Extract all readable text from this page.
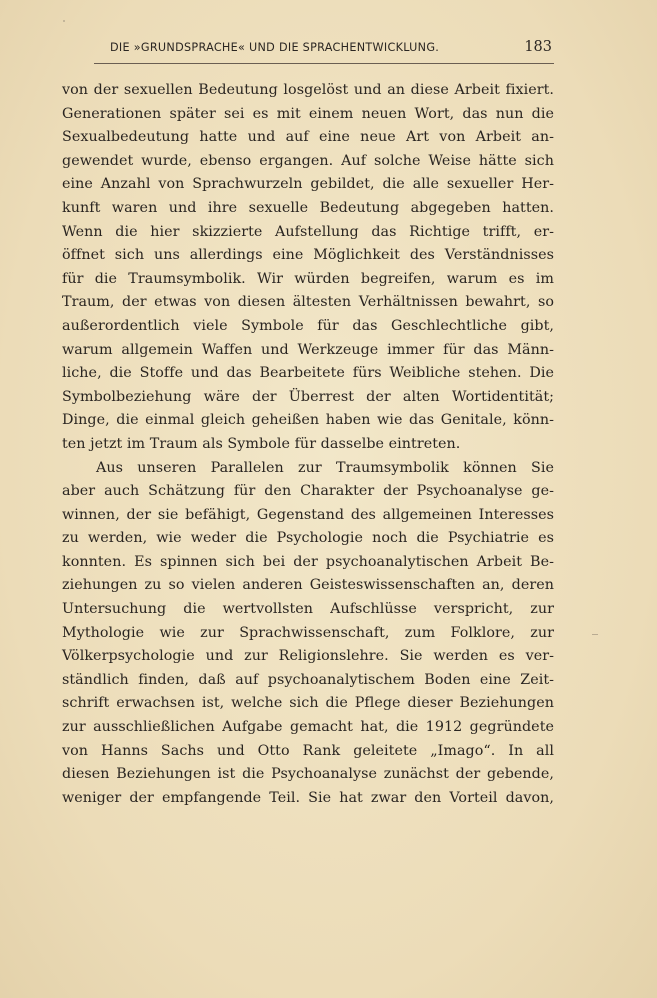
DIE »GRUNDSPRACHE« UND DIE SPRACHENTWICKLUNG.	183
von der sexuellen Bedeutung losgelöst und an diese Arbeit fixiert.
Generationen später sei es mit einem neuen Wort, das nun die
Sexualbedeutung hatte und auf eine neue Art von Arbeit an-
gewendet wurde, ebenso ergangen. Auf solche Weise hätte sich
eine Anzahl von Sprachwurzeln gebildet, die alle sexueller Her-
kunft waren und ihre sexuelle Bedeutung abgegeben hatten.
Wenn die hier skizzierte Aufstellung das Richtige trifft, er-
öffnet sich uns allerdings eine Möglichkeit des Verständnisses
für die Traumsymbolik. Wir würden begreifen, warum es im
Traum, der etwas von diesen ältesten Verhältnissen bewahrt, so
außerordentlich viele Symbole für das Geschlechtliche gibt,
warum allgemein Waffen und Werkzeuge immer für das Männ-
liche, die Stoffe und das Bearbeitete fürs Weibliche stehen. Die
Symbolbeziehung wäre der Überrest der alten Wortidentität;
Dinge, die einmal gleich geheißen haben wie das Genitale, könn-
ten jetzt im Traum als Symbole für dasselbe eintreten.
Aus unseren Parallelen zur Traumsymbolik können Sie
aber auch Schätzung für den Charakter der Psychoanalyse ge-
winnen, der sie befähigt, Gegenstand des allgemeinen Interesses
zu werden, wie weder die Psychologie noch die Psychiatrie es
konnten. Es spinnen sich bei der psychoanalytischen Arbeit Be-
ziehungen zu so vielen anderen Geisteswissenschaften an, deren
Untersuchung die wertvollsten Aufschlüsse verspricht, zur
Mythologie wie zur Sprachwissenschaft, zum Folklore, zur
Völkerpsychologie und zur Religionslehre. Sie werden es ver-
ständlich finden, daß auf psychoanalytischem Boden eine Zeit-
schrift erwachsen ist, welche sich die Pflege dieser Beziehungen
zur ausschließlichen Aufgabe gemacht hat, die 1912 gegründete
von Hanns Sachs und Otto Rank geleitete „Imago“. In all
diesen Beziehungen ist die Psychoanalyse zunächst der gebende,
weniger der empfangende Teil. Sie hat zwar den Vorteil davon,
